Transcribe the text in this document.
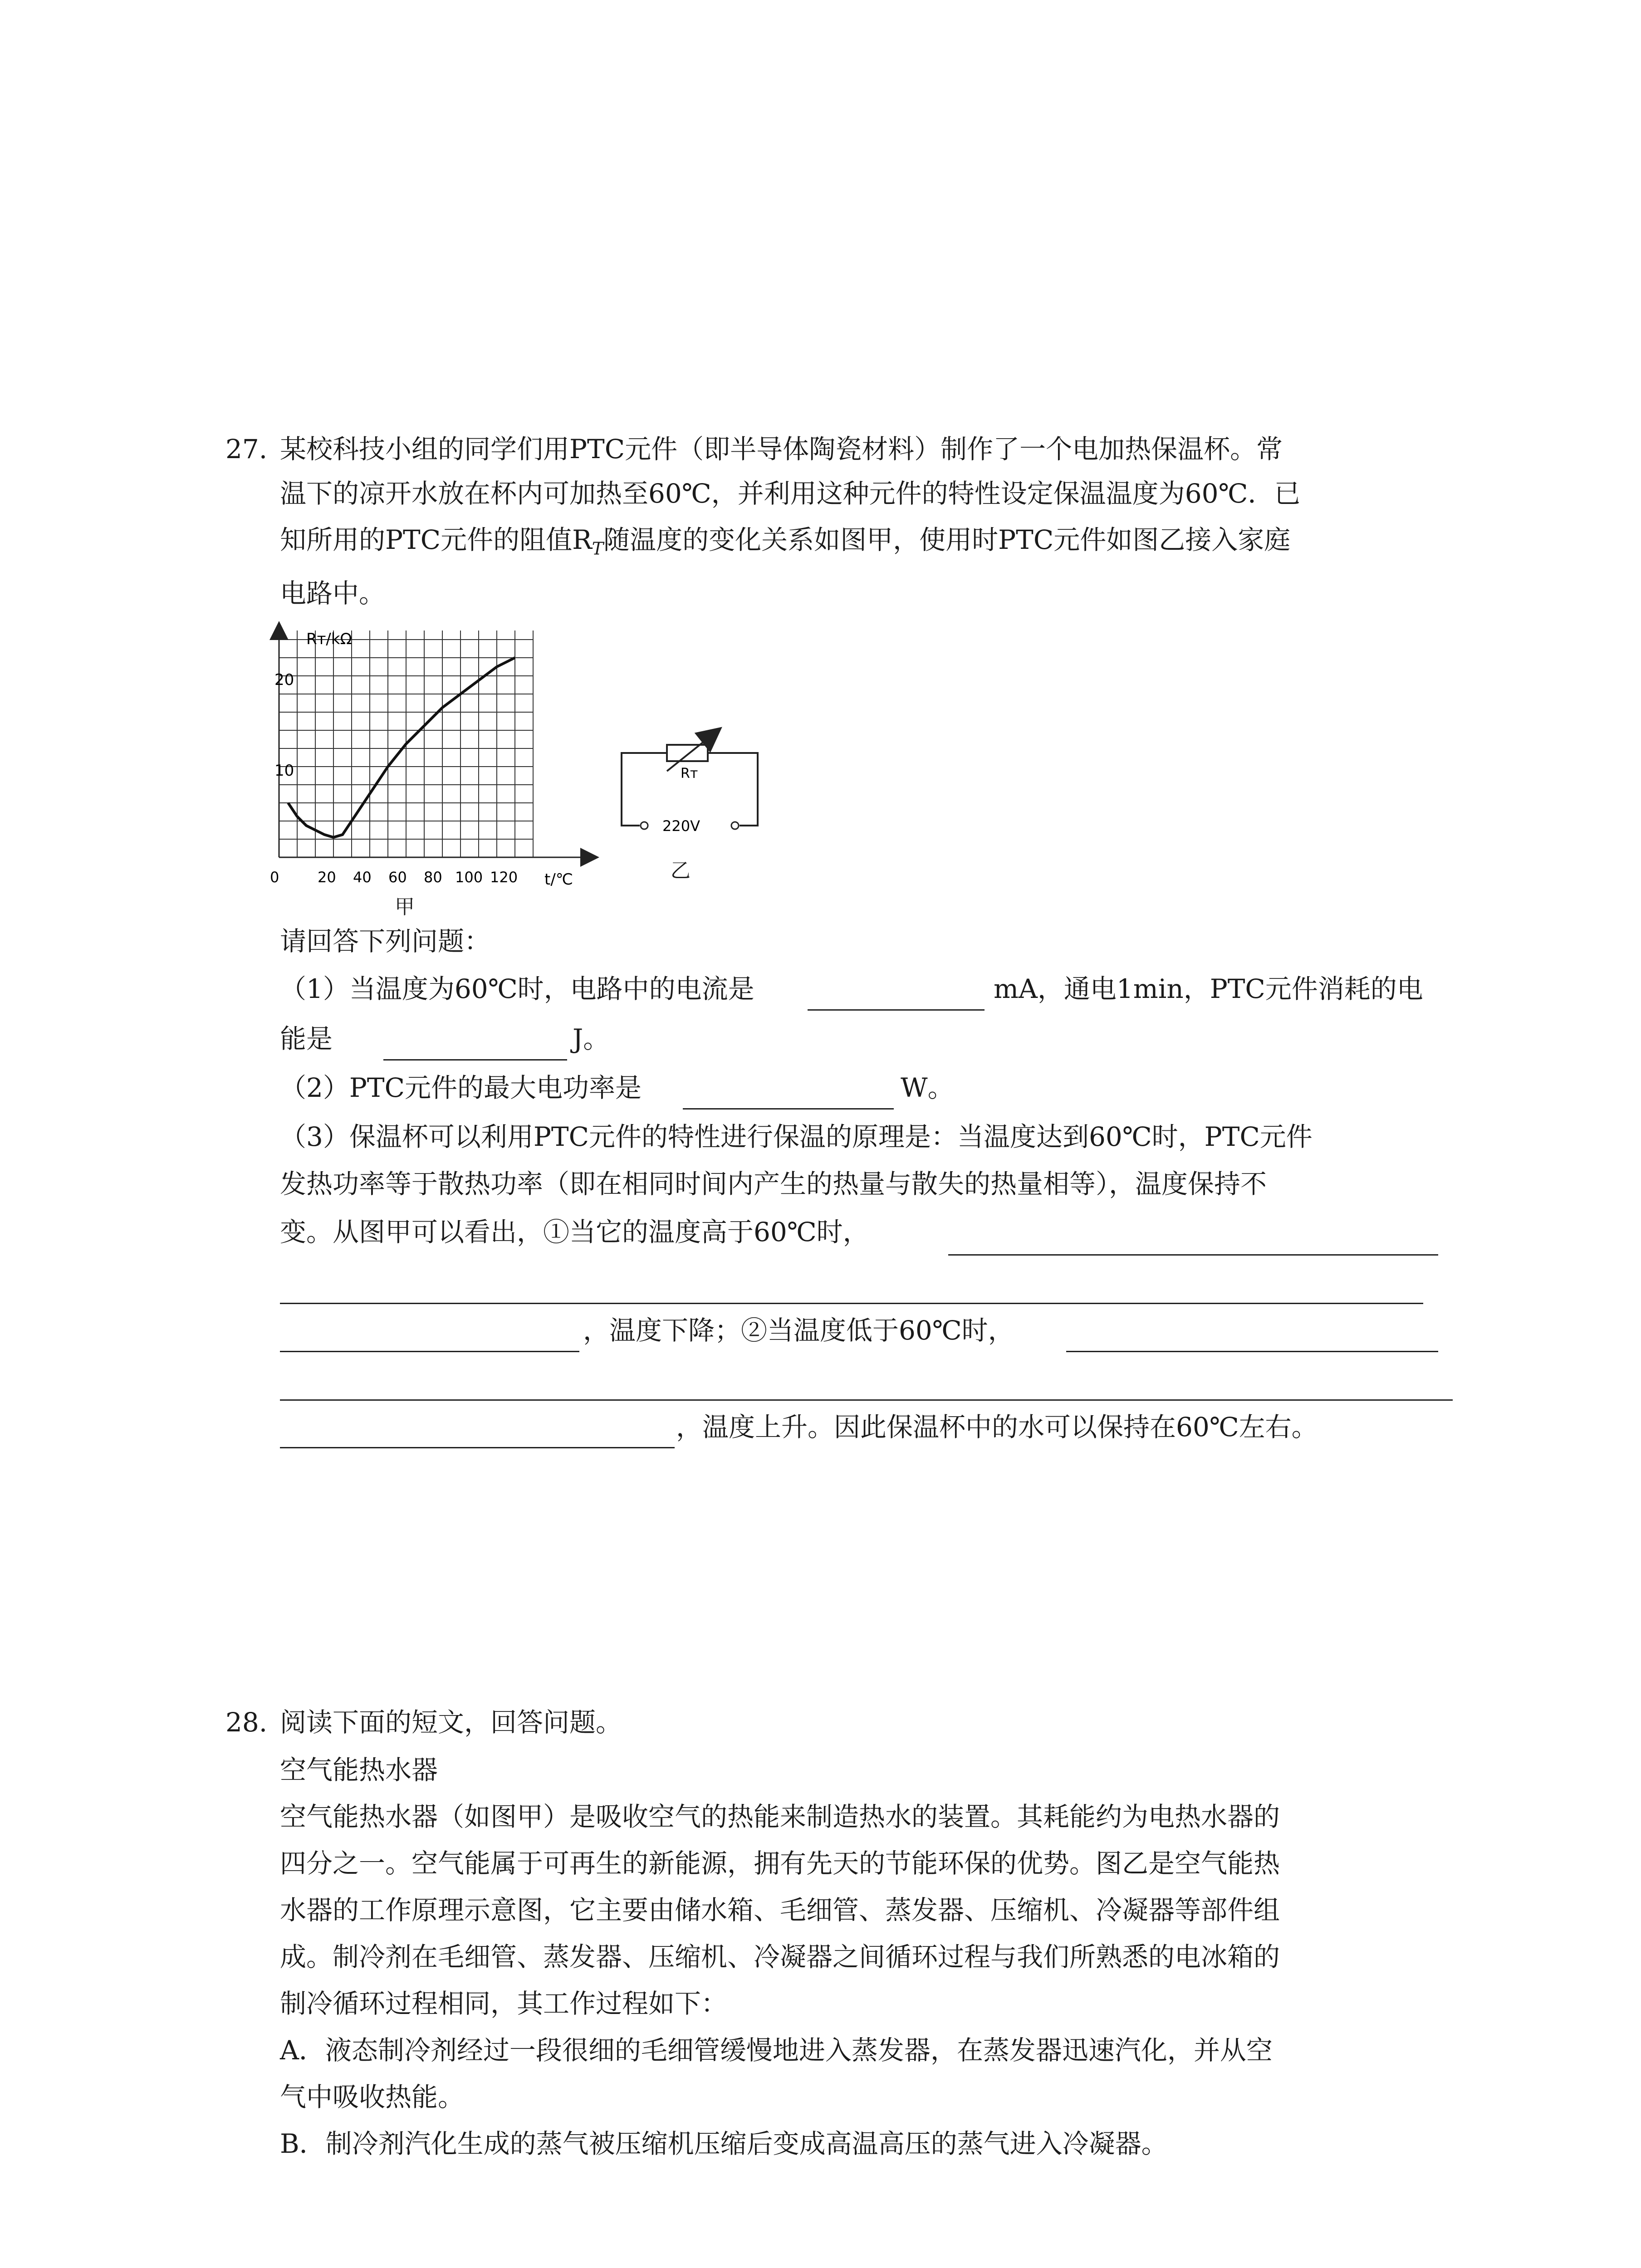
27. 某校科技小组的同学们用PTC元件（即半导体陶瓷材料）制作了一个电加热保温杯。常
温下的凉开水放在杯内可加热至60℃，并利用这种元件的特性设定保温温度为60℃．已
知所用的PTC元件的阻值$R_T$随温度的变化关系如图甲，使用时PTC元件如图乙接入家庭
电路中。
Rᴛ/kΩ
20
10
0	20 40 60 80 100 120 t/℃
甲
Rᴛ
220V
乙
请回答下列问题：
（1）当温度为60℃时，电路中的电流是	mA，通电1min，PTC元件消耗的电
能是	J。
（2）PTC元件的最大电功率是	W。
（3）保温杯可以利用PTC元件的特性进行保温的原理是：当温度达到60℃时，PTC元件
发热功率等于散热功率（即在相同时间内产生的热量与散失的热量相等），温度保持不
变。从图甲可以看出，①当它的温度高于60℃时，
，温度下降；②当温度低于60℃时，
，温度上升。因此保温杯中的水可以保持在60℃左右。
28. 阅读下面的短文，回答问题。
空气能热水器
空气能热水器（如图甲）是吸收空气的热能来制造热水的装置。其耗能约为电热水器的
四分之一。空气能属于可再生的新能源，拥有先天的节能环保的优势。图乙是空气能热
水器的工作原理示意图，它主要由储水箱、毛细管、蒸发器、压缩机、冷凝器等部件组
成。制冷剂在毛细管、蒸发器、压缩机、冷凝器之间循环过程与我们所熟悉的电冰箱的
制冷循环过程相同，其工作过程如下：
A．液态制冷剂经过一段很细的毛细管缓慢地进入蒸发器，在蒸发器迅速汽化，并从空
气中吸收热能。
B．制冷剂汽化生成的蒸气被压缩机压缩后变成高温高压的蒸气进入冷凝器。
